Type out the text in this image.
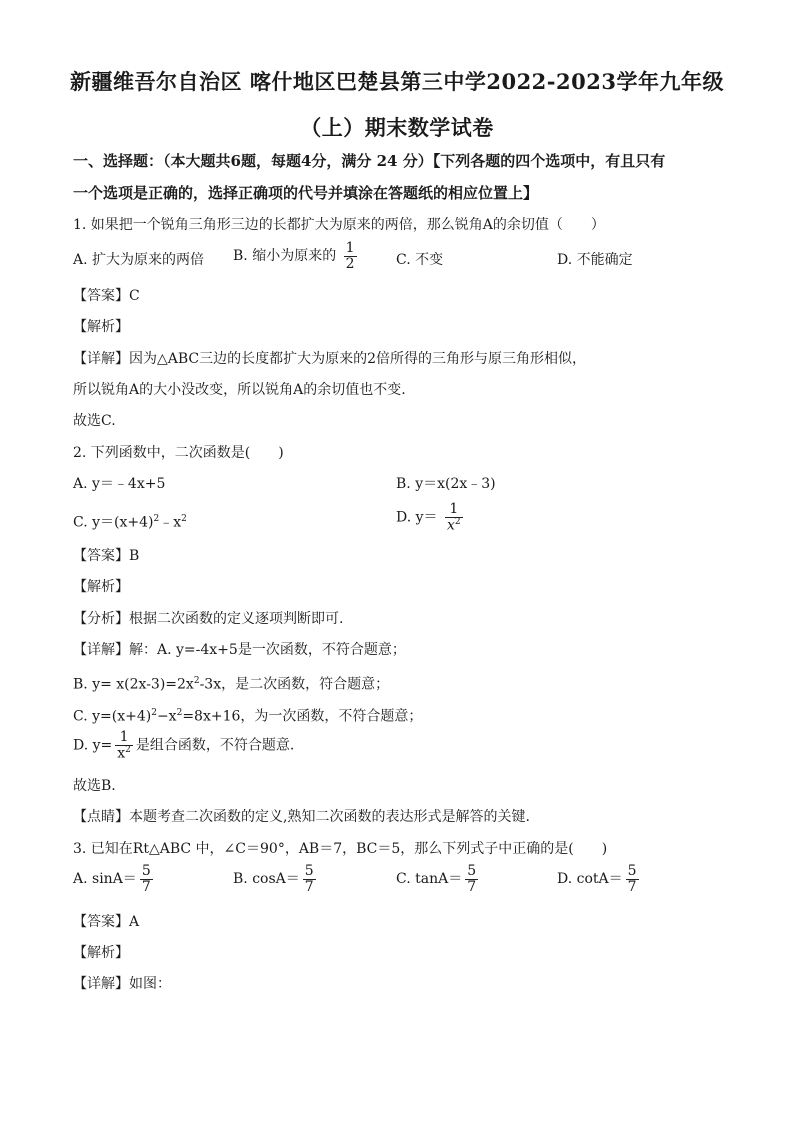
新疆维吾尔自治区 喀什地区巴楚县第三中学2022-2023学年九年级
（上）期末数学试卷
一、选择题：（本大题共6题，每题4分，满分 24 分）【下列各题的四个选项中，有且只有
一个选项是正确的，选择正确项的代号并填涂在答题纸的相应位置上】
1. 如果把一个锐角三角形三边的长都扩大为原来的两倍，那么锐角A的余切值（　　）
A. 扩大为原来的两倍 B. 缩小为原来的 $\frac{1}{2}$	C. 不变	D. 不能确定
【答案】C
【解析】
【详解】因为△ABC三边的长度都扩大为原来的2倍所得的三角形与原三角形相似，
所以锐角A的大小没改变，所以锐角A的余切值也不变.
故选C.
2. 下列函数中，二次函数是(　　)
A. y＝﹣4x+5	B. y＝x(2x﹣3)
C. $y=(x+4)^2﹣x^2$	D. $y= \frac{1}{x^2}$
【答案】B
【解析】
【分析】根据二次函数的定义逐项判断即可.
【详解】解：A. y=-4x+5是一次函数，不符合题意；
B. $y= x(2x-3)=2x^2-3x$，是二次函数，符合题意；
C. $y=(x+4)^2-x^2=8x+16$，为一次函数，不符合题意；
D. $y= \frac{1}{x^2}$ 是组合函数，不符合题意.
故选B.
【点睛】本题考查二次函数的定义,熟知二次函数的表达形式是解答的关键.
3. 已知在Rt△ABC 中，∠C＝90°，AB＝7，BC＝5，那么下列式子中正确的是(　　)
A. $\sin A= \frac{5}{7}$	B. $\cos A= \frac{5}{7}$	C. $\tan A= \frac{5}{7}$	D. $\cot A= \frac{5}{7}$
【答案】A
【解析】
【详解】如图：
